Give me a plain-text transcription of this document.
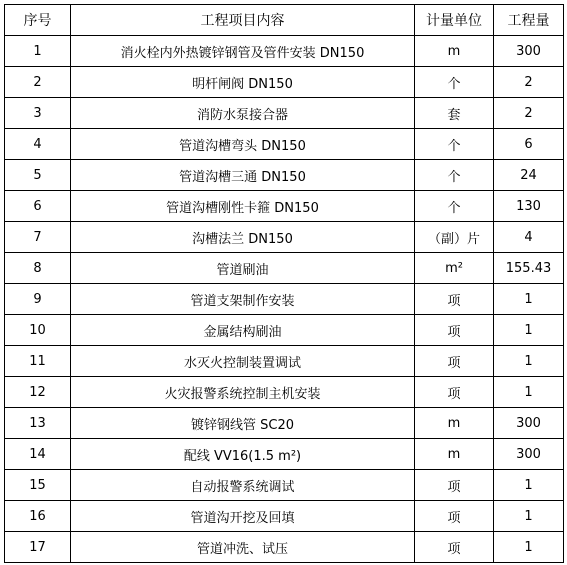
序号	工程项目内容	计量单位	工程量
1	消火栓内外热镀锌钢管及管件安装 DN150	m	300
2	明杆闸阀 DN150	个	2
3	消防水泵接合器	套	2
4	管道沟槽弯头 DN150	个	6
5	管道沟槽三通 DN150	个	24
6	管道沟槽刚性卡箍 DN150	个	130
7	沟槽法兰 DN150	（副）片	4
8	管道刷油	m²	155.43
9	管道支架制作安装	项	1
10	金属结构刷油	项	1
11	水灭火控制装置调试	项	1
12	火灾报警系统控制主机安装	项	1
13	镀锌钢线管 SC20	m	300
14	配线 VV16(1.5 m²)	m	300
15	自动报警系统调试	项	1
16	管道沟开挖及回填	项	1
17	管道冲洗、试压	项	1
